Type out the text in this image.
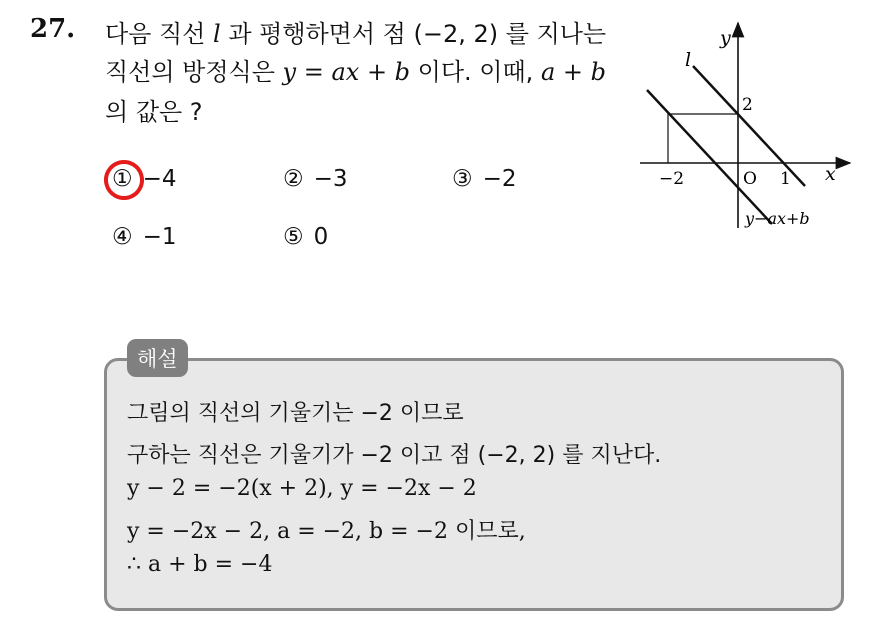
27. 다음 직선 l 과 평행하면서 점 (−2, 2) 를 지나는
직선의 방정식은 y = ax + b 이다. 이때, a + b
의 값은 ?
① −4	② −3	③ −2
④ −1	⑤ 0
x
y
l
−2	O 1
2
y−ax+b
해설
그림의 직선의 기울기는 −2 이므로
구하는 직선은 기울기가 −2 이고 점 (−2, 2) 를 지난다.
y − 2 = −2(x + 2), y = −2x − 2
y = −2x − 2, a = −2, b = −2 이므로,
∴ a + b = −4
